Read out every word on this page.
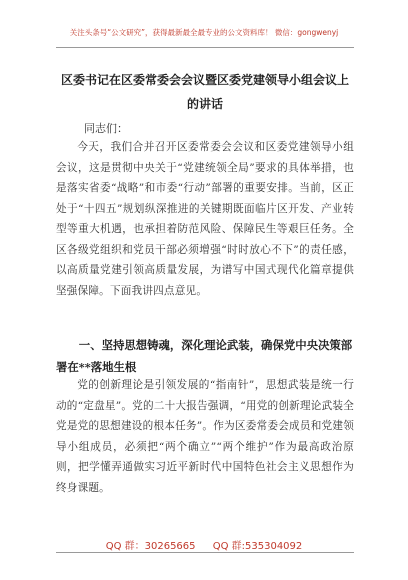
关注头条号“公文研究”，获得最新最全最专业的公文资料库！ 微信：gongwenyj
区委书记在区委常委会会议暨区委党建领导小组会议上的讲话
同志们：
今天，我们合并召开区委常委会会议和区委党建领导小组会议，这是贯彻中央关于“党建统领全局”要求的具体举措，也是落实省委“战略”和市委“行动”部署的重要安排。当前，区正处于“十四五”规划纵深推进的关键期既面临片区开发、产业转型等重大机遇，也承担着防范风险、保障民生等艰巨任务。全区各级党组织和党员干部必须增强“时时放心不下”的责任感，以高质量党建引领高质量发展，为谱写中国式现代化篇章提供坚强保障。下面我讲四点意见。
一、坚持思想铸魂，深化理论武装，确保党中央决策部署在**落地生根
党的创新理论是引领发展的“指南针”，思想武装是统一行动的“定盘星”。党的二十大报告强调，“用党的创新理论武装全党是党的思想建设的根本任务”。作为区委常委会成员和党建领导小组成员，必须把“两个确立”“两个维护”作为最高政治原则，把学懂弄通做实习近平新时代中国特色社会主义思想作为终身课题。
QQ 群：30265665 QQ 群:535304092
